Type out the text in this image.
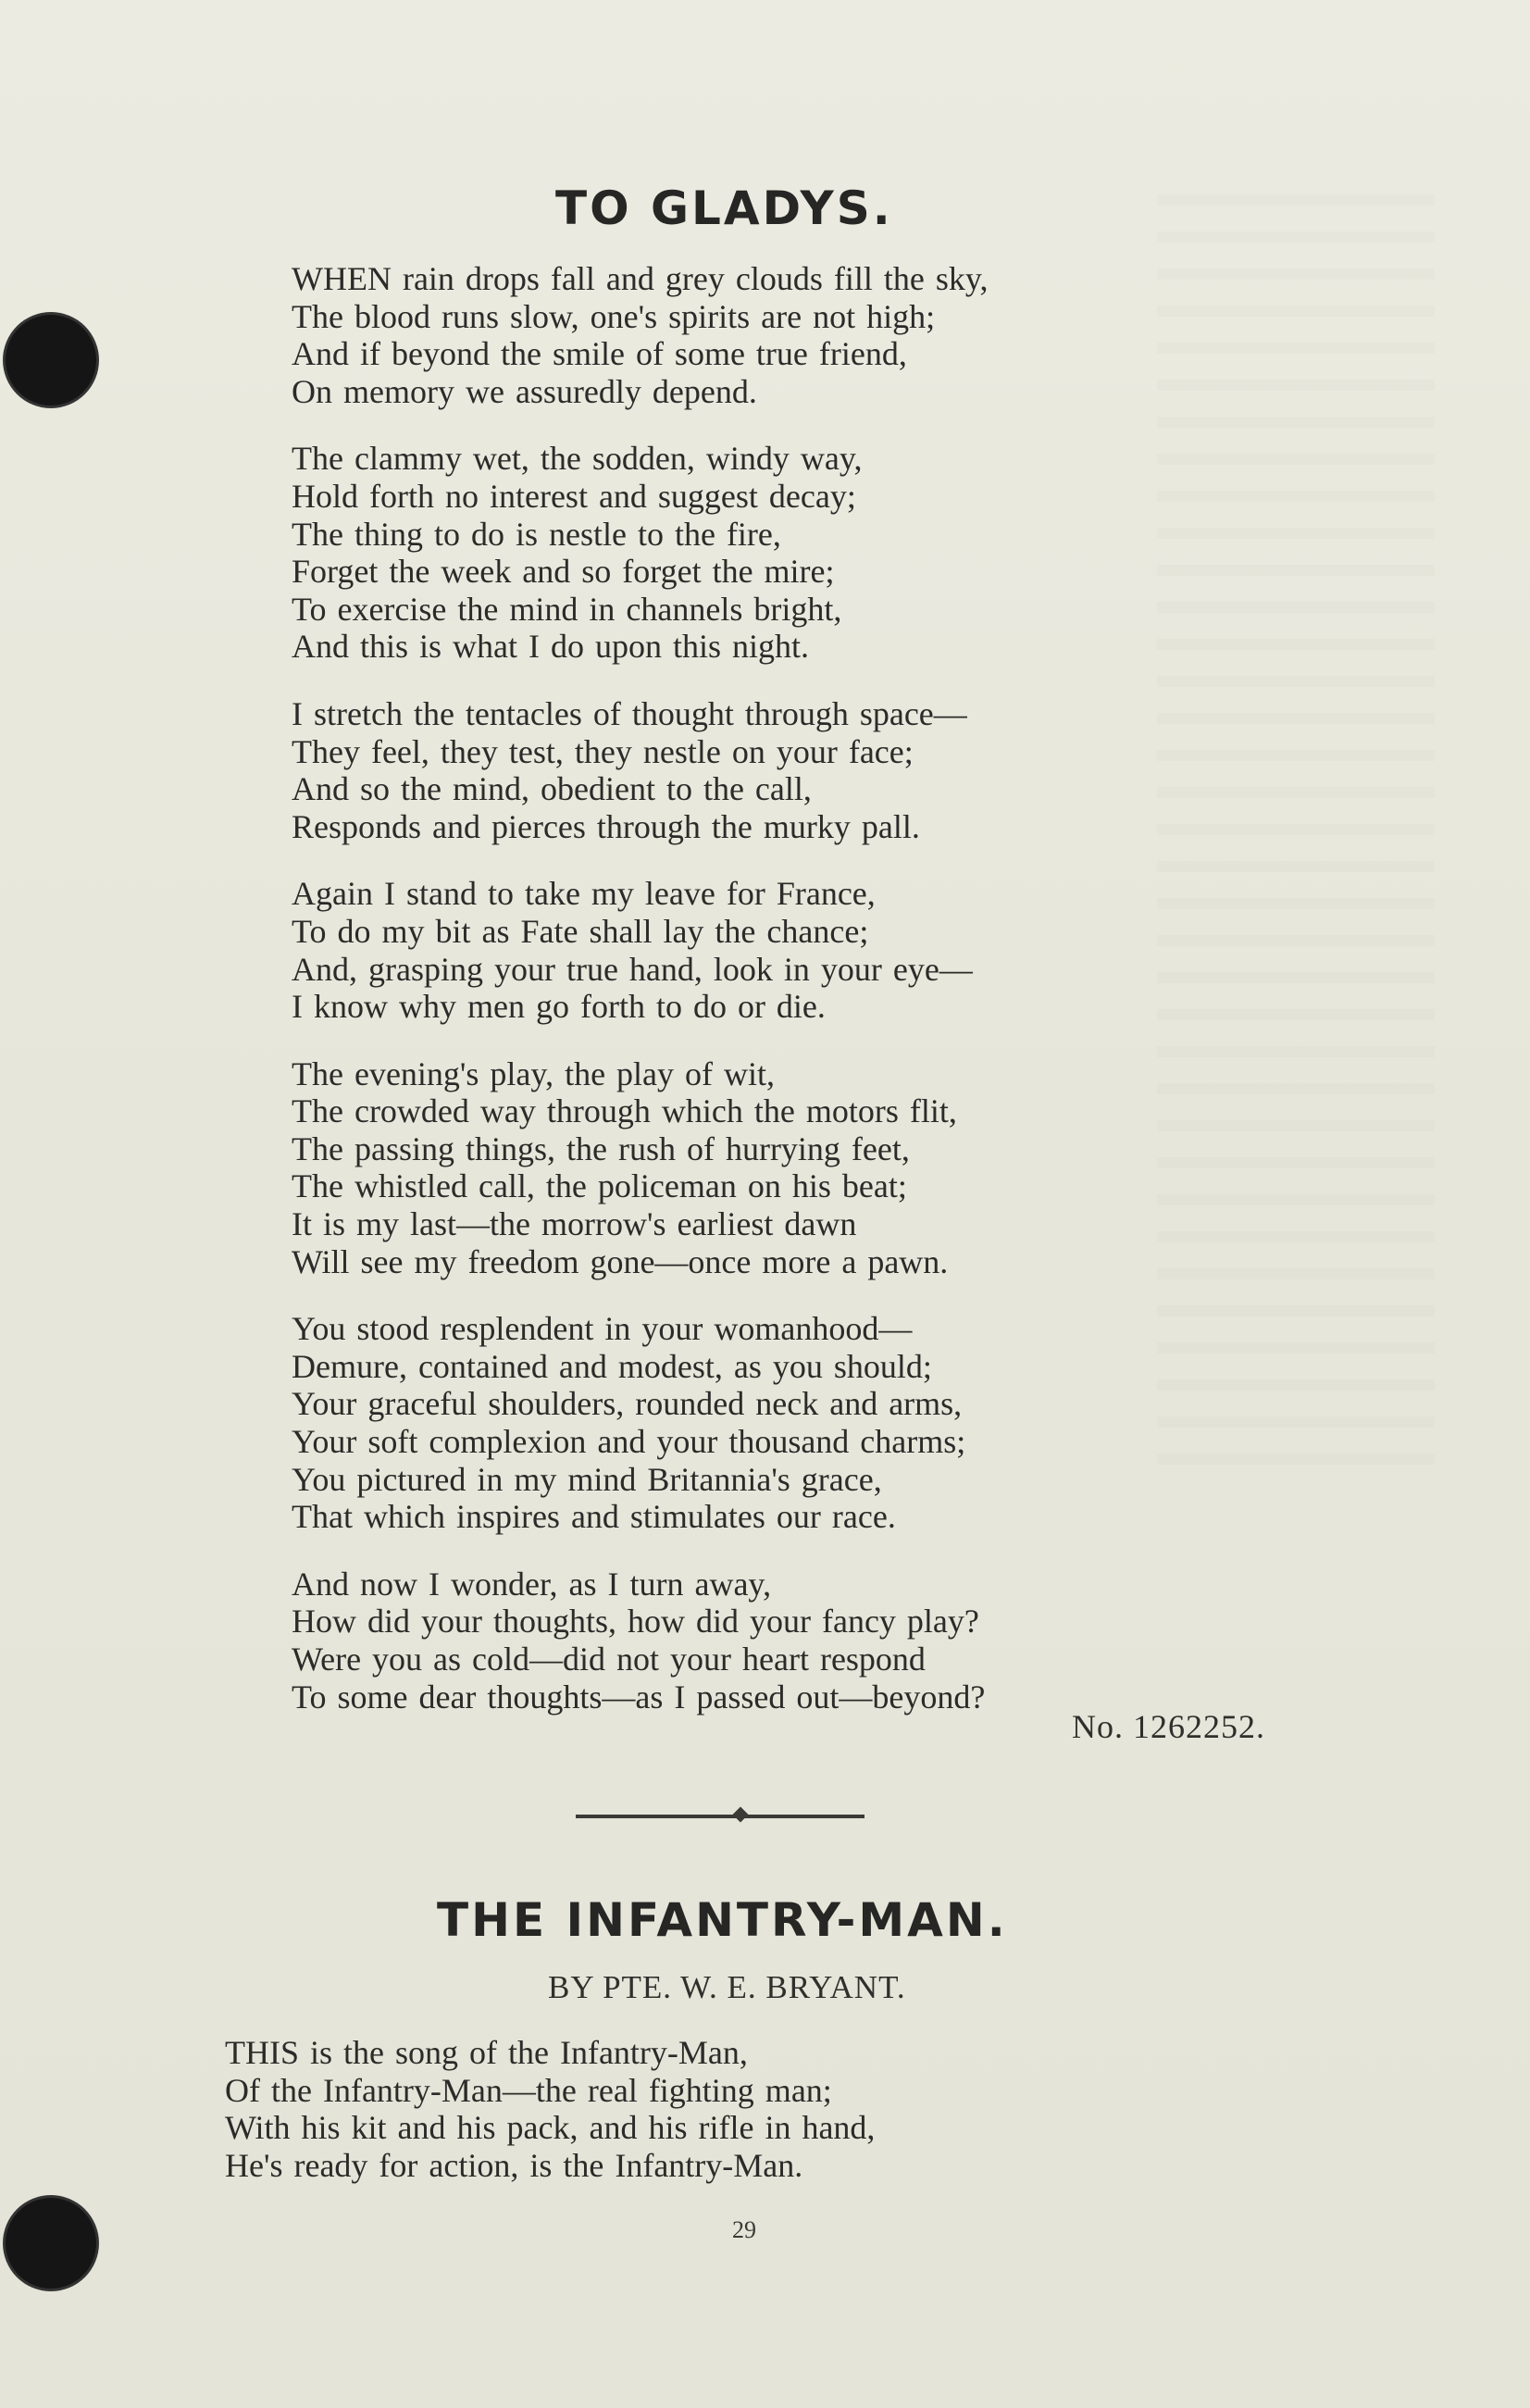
TO GLADYS.
WHEN rain drops fall and grey clouds fill the sky,
The blood runs slow, one's spirits are not high;
And if beyond the smile of some true friend,
On memory we assuredly depend.
The clammy wet, the sodden, windy way,
Hold forth no interest and suggest decay;
The thing to do is nestle to the fire,
Forget the week and so forget the mire;
To exercise the mind in channels bright,
And this is what I do upon this night.
I stretch the tentacles of thought through space—
They feel, they test, they nestle on your face;
And so the mind, obedient to the call,
Responds and pierces through the murky pall.
Again I stand to take my leave for France,
To do my bit as Fate shall lay the chance;
And, grasping your true hand, look in your eye—
I know why men go forth to do or die.
The evening's play, the play of wit,
The crowded way through which the motors flit,
The passing things, the rush of hurrying feet,
The whistled call, the policeman on his beat;
It is my last—the morrow's earliest dawn
Will see my freedom gone—once more a pawn.
You stood resplendent in your womanhood—
Demure, contained and modest, as you should;
Your graceful shoulders, rounded neck and arms,
Your soft complexion and your thousand charms;
You pictured in my mind Britannia's grace,
That which inspires and stimulates our race.
And now I wonder, as I turn away,
How did your thoughts, how did your fancy play?
Were you as cold—did not your heart respond
To some dear thoughts—as I passed out—beyond?
No. 1262252.
THE INFANTRY-MAN.
BY PTE. W. E. BRYANT.
THIS is the song of the Infantry-Man,
Of the Infantry-Man—the real fighting man;
With his kit and his pack, and his rifle in hand,
He's ready for action, is the Infantry-Man.
29
